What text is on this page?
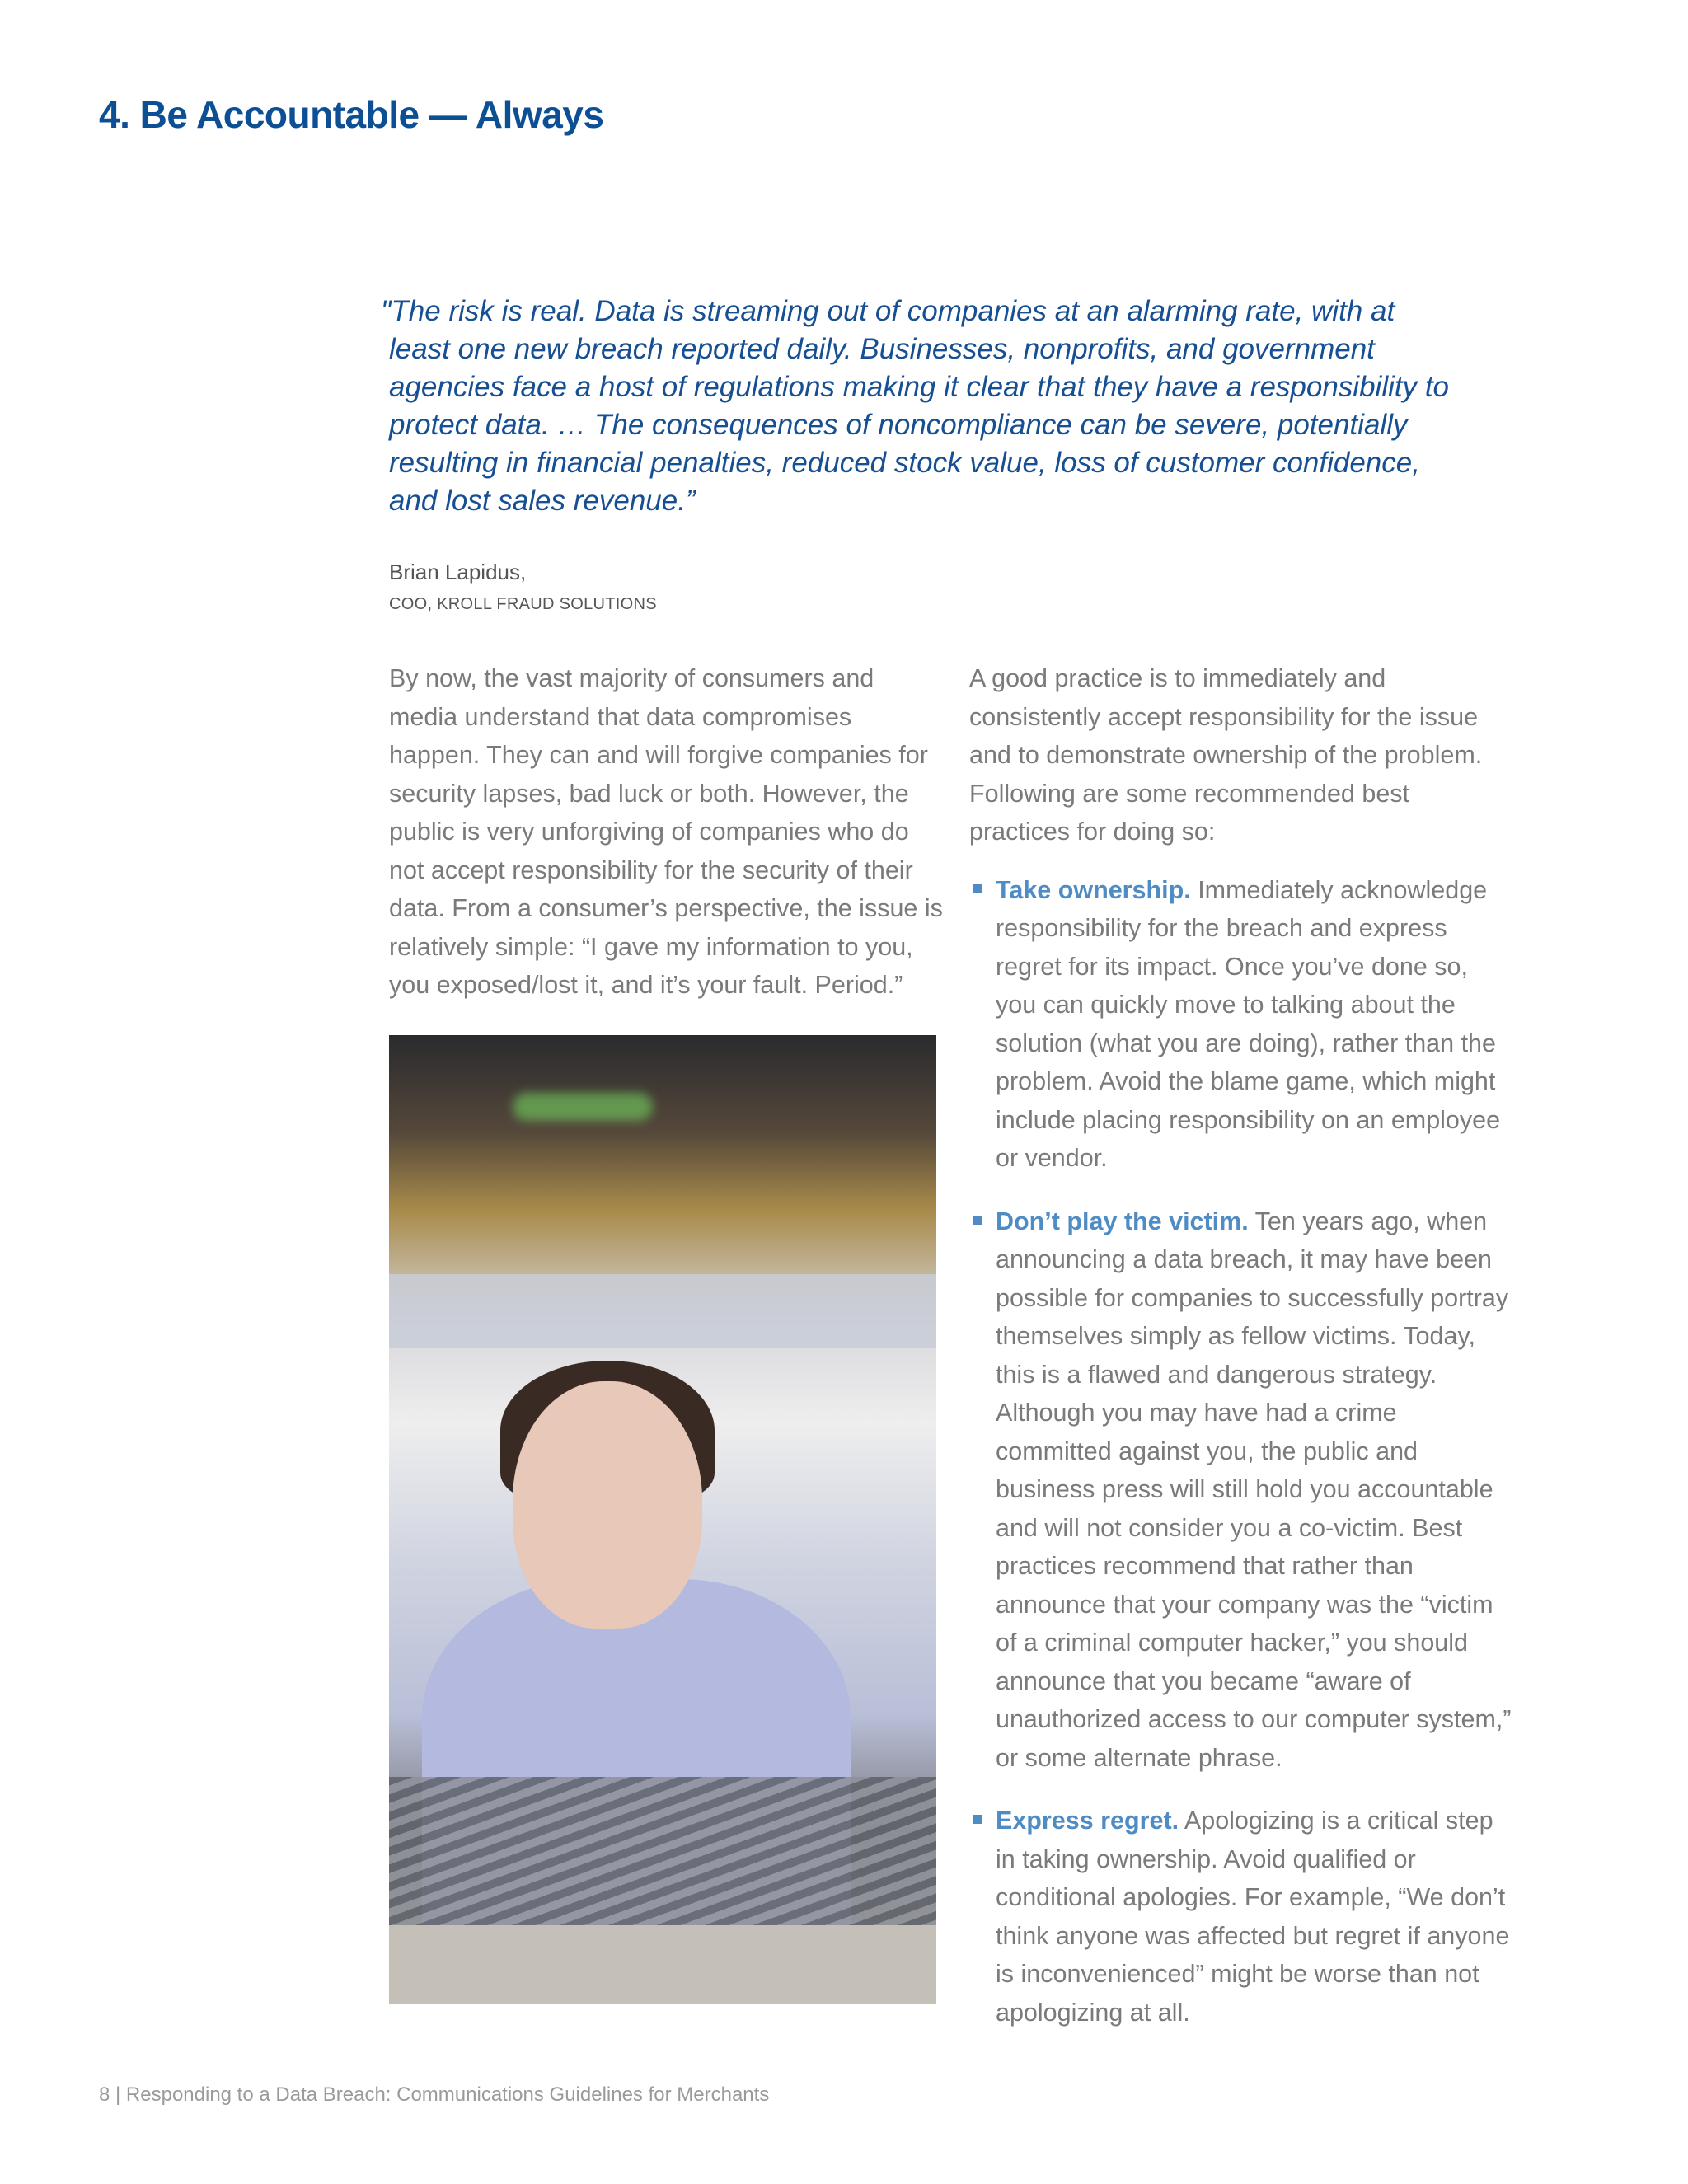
4. Be Accountable — Always

"The risk is real. Data is streaming out of companies at an alarming rate, with at least one new breach reported daily. Businesses, nonprofits, and government agencies face a host of regulations making it clear that they have a responsibility to protect data. … The consequences of noncompliance can be severe, potentially resulting in financial penalties, reduced stock value, loss of customer confidence, and lost sales revenue.”

Brian Lapidus,

COO, KROLL FRAUD SOLUTIONS

By now, the vast majority of consumers and media understand that data compromises happen. They can and will forgive companies for security lapses, bad luck or both. However, the public is very unforgiving of companies who do not accept responsibility for the security of their data. From a consumer’s perspective, the issue is relatively simple: “I gave my information to you, you exposed/lost it, and it’s your fault. Period.”

A good practice is to immediately and consistently accept responsibility for the issue and to demonstrate ownership of the problem. Following are some recommended best practices for doing so:

Take ownership. Immediately acknowledge responsibility for the breach and express regret for its impact. Once you’ve done so, you can quickly move to talking about the solution (what you are doing), rather than the problem. Avoid the blame game, which might include placing responsibility on an employee or vendor.
Don’t play the victim. Ten years ago, when announcing a data breach, it may have been possible for companies to successfully portray themselves simply as fellow victims. Today, this is a flawed and dangerous strategy. Although you may have had a crime committed against you, the public and business press will still hold you accountable and will not consider you a co-victim. Best practices recommend that rather than announce that your company was the “victim of a criminal computer hacker,” you should announce that you became “aware of unauthorized access to our computer system,” or some alternate phrase.
Express regret. Apologizing is a critical step in taking ownership. Avoid qualified or conditional apologies. For example, “We don’t think anyone was affected but regret if anyone is inconvenienced” might be worse than not apologizing at all.
8 | Responding to a Data Breach: Communications Guidelines for Merchants
